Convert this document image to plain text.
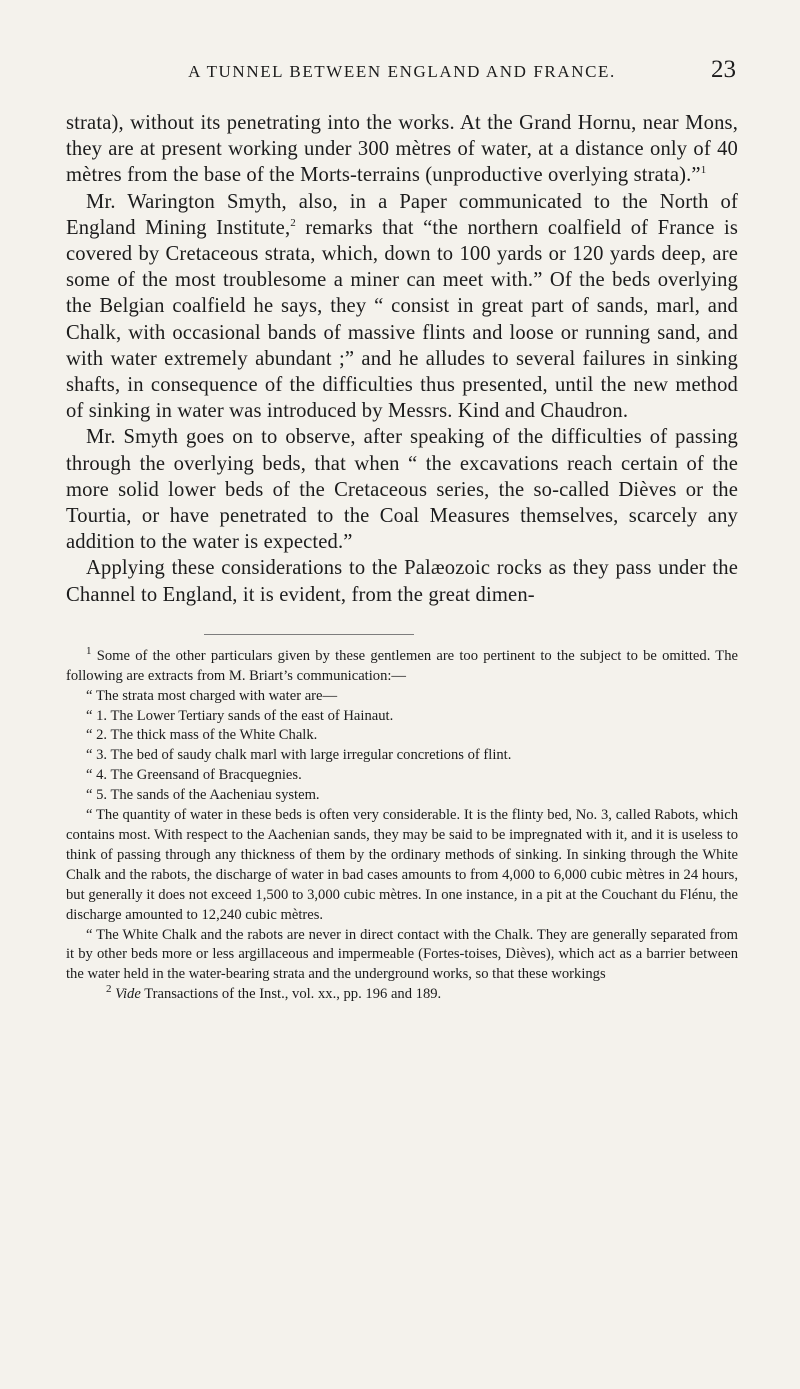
A TUNNEL BETWEEN ENGLAND AND FRANCE.	23

strata), without its penetrating into the works. At the Grand Hornu, near Mons, they are at present working under 300 mètres of water, at a distance only of 40 mètres from the base of the Morts-terrains (unproductive overlying strata).”$^1$

Mr. Warington Smyth, also, in a Paper communicated to the North of England Mining Institute,$^2$ remarks that “the northern coalfield of France is covered by Cretaceous strata, which, down to 100 yards or 120 yards deep, are some of the most troublesome a miner can meet with.” Of the beds overlying the Belgian coalfield he says, they “ consist in great part of sands, marl, and Chalk, with occasional bands of massive flints and loose or running sand, and with water extremely abundant ;” and he alludes to several failures in sinking shafts, in consequence of the difficulties thus presented, until the new method of sinking in water was introduced by Messrs. Kind and Chaudron.

Mr. Smyth goes on to observe, after speaking of the difficulties of passing through the overlying beds, that when “ the excavations reach certain of the more solid lower beds of the Cretaceous series, the so-called Dièves or the Tourtia, or have penetrated to the Coal Measures themselves, scarcely any addition to the water is expected.”

Applying these considerations to the Palæozoic rocks as they pass under the Channel to England, it is evident, from the great dimen-

$^1$ Some of the other particulars given by these gentlemen are too pertinent to the subject to be omitted. The following are extracts from M. Briart’s communication:—

“ The strata most charged with water are—

“ 1. The Lower Tertiary sands of the east of Hainaut.

“ 2. The thick mass of the White Chalk.

“ 3. The bed of saudy chalk marl with large irregular concretions of flint.

“ 4. The Greensand of Bracquegnies.

“ 5. The sands of the Aacheniau system.

“ The quantity of water in these beds is often very considerable. It is the flinty bed, No. 3, called Rabots, which contains most. With respect to the Aachenian sands, they may be said to be impregnated with it, and it is useless to think of passing through any thickness of them by the ordinary methods of sinking. In sinking through the White Chalk and the rabots, the discharge of water in bad cases amounts to from 4,000 to 6,000 cubic mètres in 24 hours, but generally it does not exceed 1,500 to 3,000 cubic mètres. In one instance, in a pit at the Couchant du Flénu, the discharge amounted to 12,240 cubic mètres.

“ The White Chalk and the rabots are never in direct contact with the Chalk. They are generally separated from it by other beds more or less argillaceous and impermeable (Fortes-toises, Dièves), which act as a barrier between the water held in the water-bearing strata and the underground works, so that these workings

$^2$ Vide Transactions of the Inst., vol. xx., pp. 196 and 189.
